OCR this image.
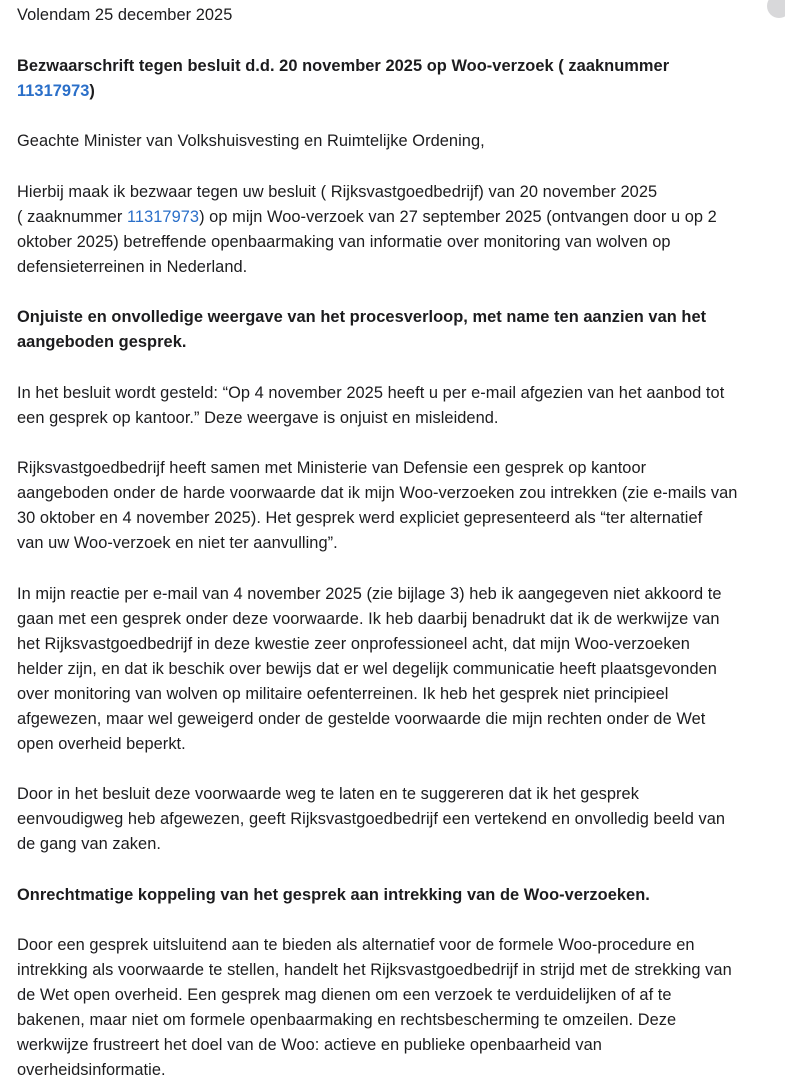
Volendam 25 december 2025
Bezwaarschrift tegen besluit d.d. 20 november 2025 op Woo-verzoek ( zaaknummer
11317973)
Geachte Minister van Volkshuisvesting en Ruimtelijke Ordening,
Hierbij maak ik bezwaar tegen uw besluit ( Rijksvastgoedbedrijf) van 20 november 2025
( zaaknummer 11317973) op mijn Woo-verzoek van 27 september 2025 (ontvangen door u op 2
oktober 2025) betreffende openbaarmaking van informatie over monitoring van wolven op
defensieterreinen in Nederland.
Onjuiste en onvolledige weergave van het procesverloop, met name ten aanzien van het
aangeboden gesprek.
In het besluit wordt gesteld: “Op 4 november 2025 heeft u per e-mail afgezien van het aanbod tot
een gesprek op kantoor.” Deze weergave is onjuist en misleidend.
Rijksvastgoedbedrijf heeft samen met Ministerie van Defensie een gesprek op kantoor
aangeboden onder de harde voorwaarde dat ik mijn Woo-verzoeken zou intrekken (zie e-mails van
30 oktober en 4 november 2025). Het gesprek werd expliciet gepresenteerd als “ter alternatief
van uw Woo-verzoek en niet ter aanvulling”.
In mijn reactie per e-mail van 4 november 2025 (zie bijlage 3) heb ik aangegeven niet akkoord te
gaan met een gesprek onder deze voorwaarde. Ik heb daarbij benadrukt dat ik de werkwijze van
het Rijksvastgoedbedrijf in deze kwestie zeer onprofessioneel acht, dat mijn Woo-verzoeken
helder zijn, en dat ik beschik over bewijs dat er wel degelijk communicatie heeft plaatsgevonden
over monitoring van wolven op militaire oefenterreinen. Ik heb het gesprek niet principieel
afgewezen, maar wel geweigerd onder de gestelde voorwaarde die mijn rechten onder de Wet
open overheid beperkt.
Door in het besluit deze voorwaarde weg te laten en te suggereren dat ik het gesprek
eenvoudigweg heb afgewezen, geeft Rijksvastgoedbedrijf een vertekend en onvolledig beeld van
de gang van zaken.
Onrechtmatige koppeling van het gesprek aan intrekking van de Woo-verzoeken.
Door een gesprek uitsluitend aan te bieden als alternatief voor de formele Woo-procedure en
intrekking als voorwaarde te stellen, handelt het Rijksvastgoedbedrijf in strijd met de strekking van
de Wet open overheid. Een gesprek mag dienen om een verzoek te verduidelijken of af te
bakenen, maar niet om formele openbaarmaking en rechtsbescherming te omzeilen. Deze
werkwijze frustreert het doel van de Woo: actieve en publieke openbaarheid van
overheidsinformatie.
